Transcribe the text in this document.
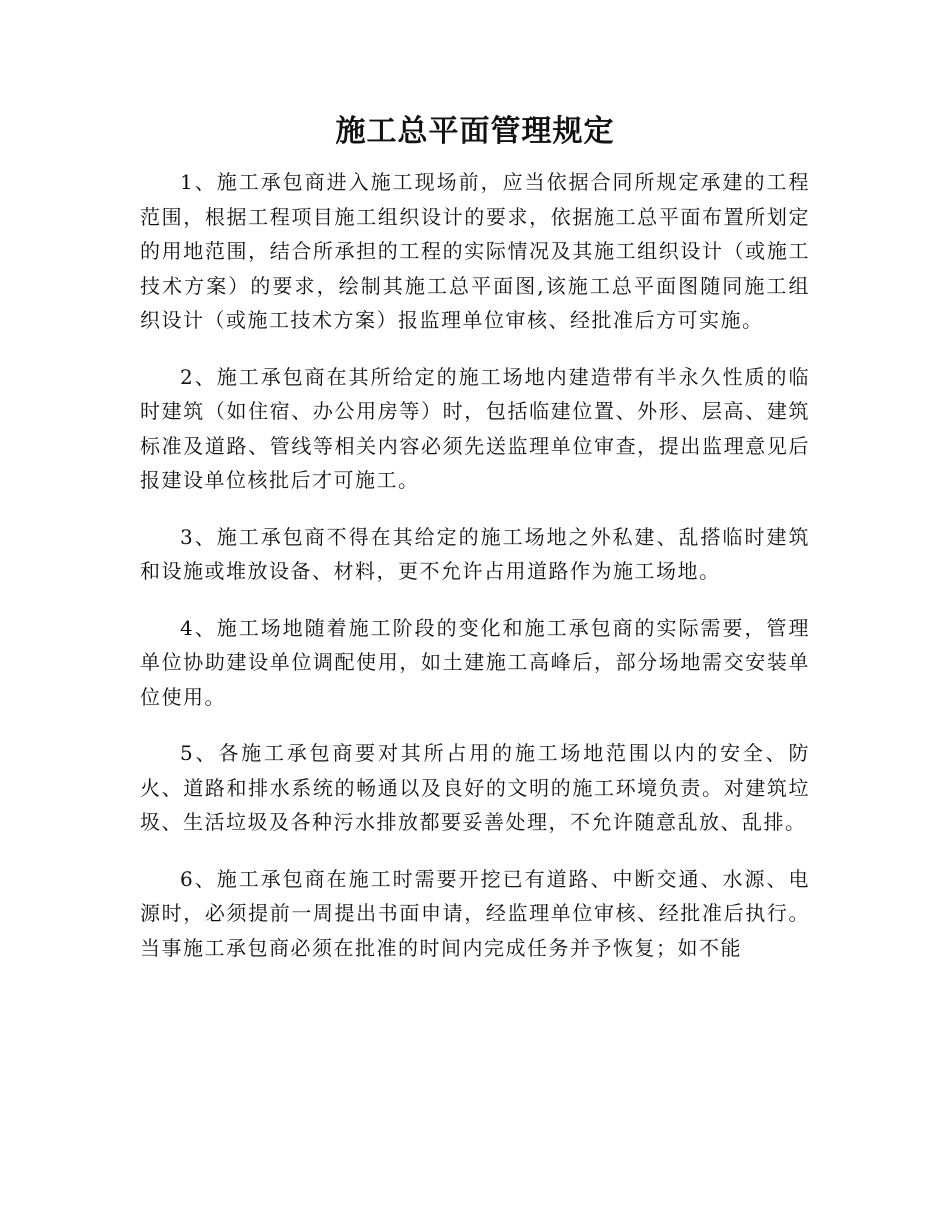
施工总平面管理规定

1、施工承包商进入施工现场前，应当依据合同所规定承建的工程范围，根据工程项目施工组织设计的要求，依据施工总平面布置所划定的用地范围，结合所承担的工程的实际情况及其施工组织设计（或施工技术方案）的要求，绘制其施工总平面图,该施工总平面图随同施工组织设计（或施工技术方案）报监理单位审核、经批准后方可实施。

2、施工承包商在其所给定的施工场地内建造带有半永久性质的临时建筑（如住宿、办公用房等）时，包括临建位置、外形、层高、建筑标准及道路、管线等相关内容必须先送监理单位审查，提出监理意见后报建设单位核批后才可施工。

3、施工承包商不得在其给定的施工场地之外私建、乱搭临时建筑和设施或堆放设备、材料，更不允许占用道路作为施工场地。

4、施工场地随着施工阶段的变化和施工承包商的实际需要，管理单位协助建设单位调配使用，如土建施工高峰后，部分场地需交安装单位使用。

5、各施工承包商要对其所占用的施工场地范围以内的安全、防火、道路和排水系统的畅通以及良好的文明的施工环境负责。对建筑垃圾、生活垃圾及各种污水排放都要妥善处理，不允许随意乱放、乱排。

6、施工承包商在施工时需要开挖已有道路、中断交通、水源、电源时，必须提前一周提出书面申请，经监理单位审核、经批准后执行。当事施工承包商必须在批准的时间内完成任务并予恢复；如不能
